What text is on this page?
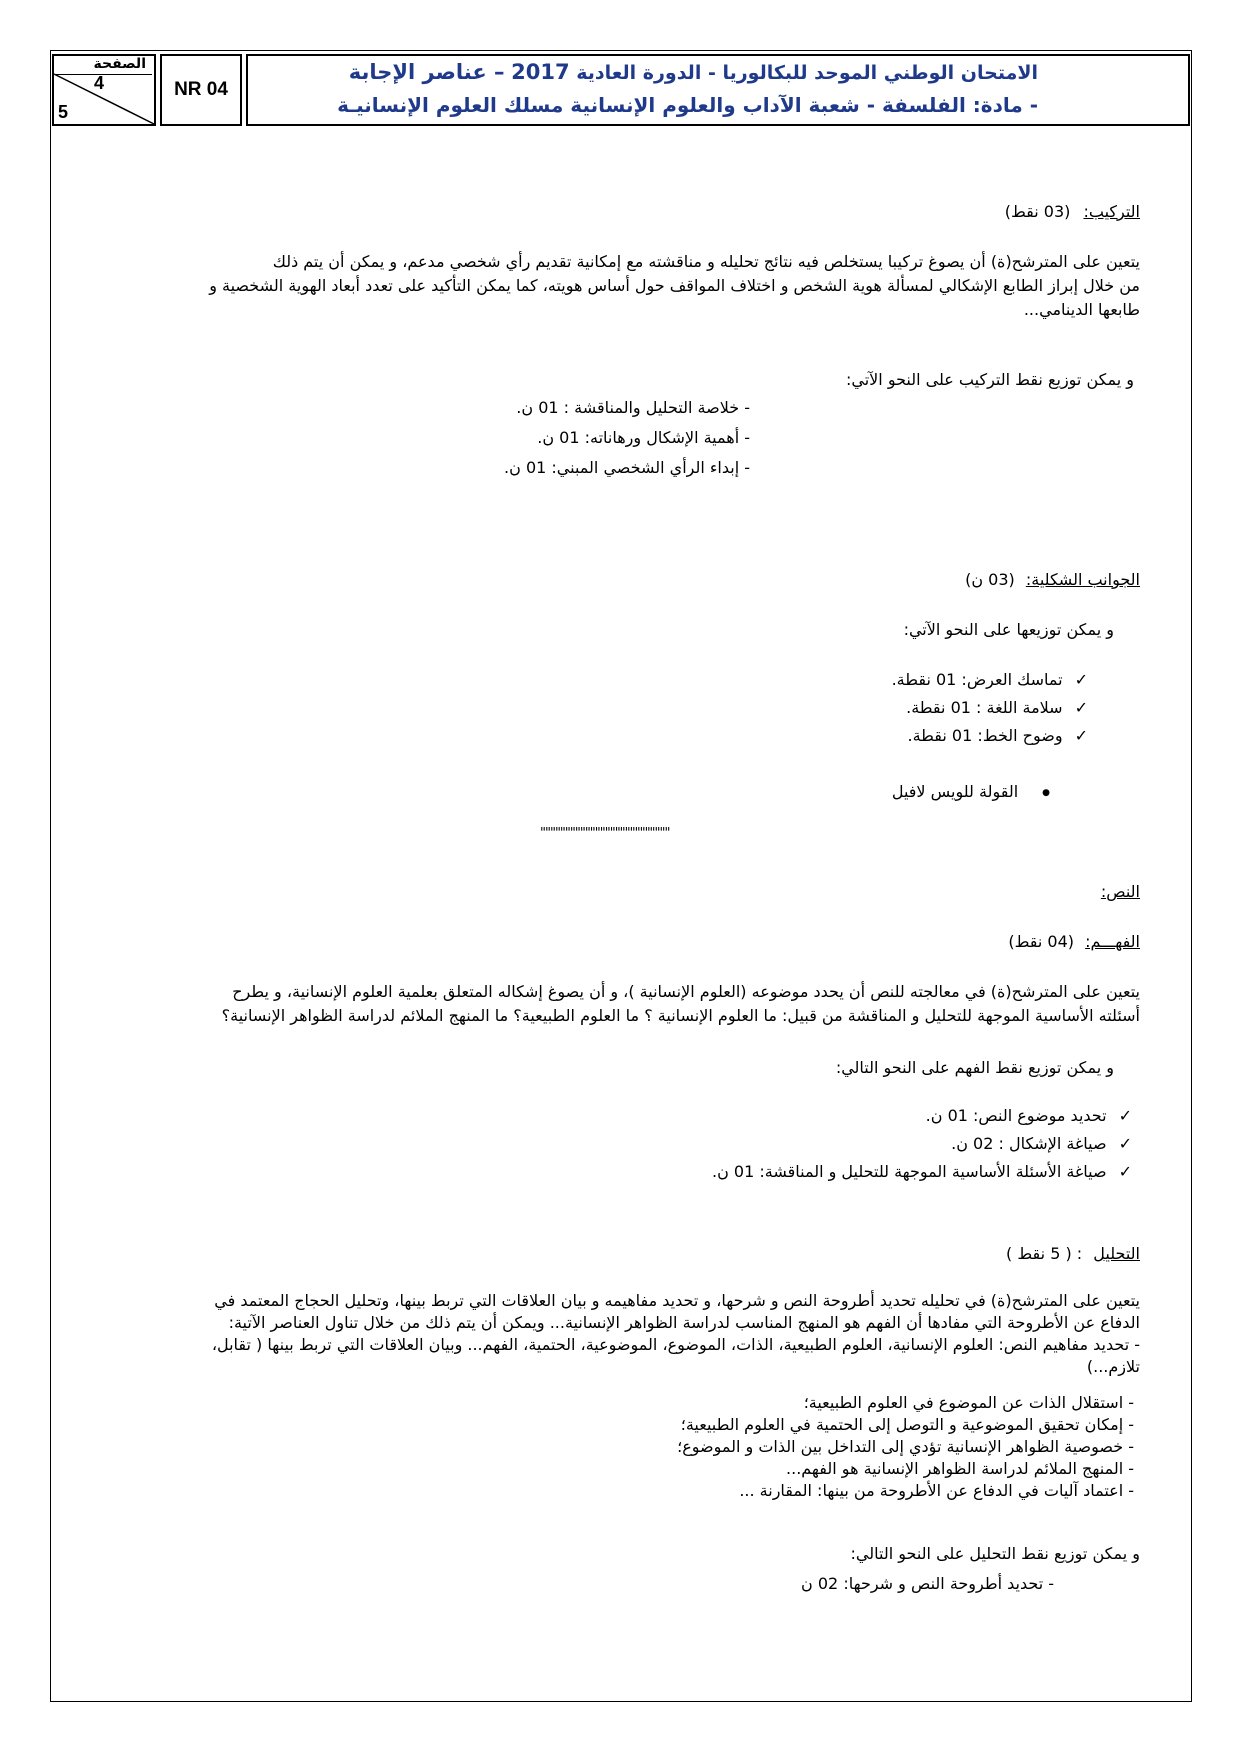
الصفحة
4
5
NR 04
الامتحان الوطني الموحد للبكالوريا - الدورة العادية 2017 – عناصر الإجابة
- مادة: الفلسفة - شعبة الآداب والعلوم الإنسانية مسلك العلوم الإنسانيـة
التركيب: (03 نقط)
يتعين على المترشح(ة) أن يصوغ تركيبا يستخلص فيه نتائج تحليله و مناقشته مع إمكانية تقديم رأي شخصي مدعم، و يمكن أن يتم ذلك
من خلال إبراز الطابع الإشكالي لمسألة هوية الشخص و اختلاف المواقف حول أساس هويته، كما يمكن التأكيد على تعدد أبعاد الهوية الشخصية و
طابعها الدينامي...
و يمكن توزيع نقط التركيب على النحو الآتي:
- خلاصة التحليل والمناقشة : 01 ن.
- أهمية الإشكال ورهاناته: 01 ن.
- إبداء الرأي الشخصي المبني: 01 ن.
الجوانب الشكلية: (03 ن)
و يمكن توزيعها على النحو الآتي:
✓ تماسك العرض: 01 نقطة.
✓ سلامة اللغة : 01 نقطة.
✓ وضوح الخط: 01 نقطة.
● القولة للويس لافيل
""""""""""""""""""""""""""
النص:
الفهـــم: (04 نقط)
يتعين على المترشح(ة) في معالجته للنص أن يحدد موضوعه (العلوم الإنسانية )، و أن يصوغ إشكاله المتعلق بعلمية العلوم الإنسانية، و يطرح
أسئلته الأساسية الموجهة للتحليل و المناقشة من قبيل: ما العلوم الإنسانية ؟ ما العلوم الطبيعية؟ ما المنهج الملائم لدراسة الظواهر الإنسانية؟
و يمكن توزيع نقط الفهم على النحو التالي:
✓ تحديد موضوع النص: 01 ن.
✓ صياغة الإشكال : 02 ن.
✓ صياغة الأسئلة الأساسية الموجهة للتحليل و المناقشة: 01 ن.
التحليل : ( 5 نقط )
يتعين على المترشح(ة) في تحليله تحديد أطروحة النص و شرحها، و تحديد مفاهيمه و بيان العلاقات التي تربط بينها، وتحليل الحجاج المعتمد في
الدفاع عن الأطروحة التي مفادها أن الفهم هو المنهج المناسب لدراسة الظواهر الإنسانية... ويمكن أن يتم ذلك من خلال تناول العناصر الآتية:
- تحديد مفاهيم النص: العلوم الإنسانية، العلوم الطبيعية، الذات، الموضوع، الموضوعية، الحتمية، الفهم... وبيان العلاقات التي تربط بينها ( تقابل،
تلازم...)
- استقلال الذات عن الموضوع في العلوم الطبيعية؛
- إمكان تحقيق الموضوعية و التوصل إلى الحتمية في العلوم الطبيعية؛
- خصوصية الظواهر الإنسانية تؤدي إلى التداخل بين الذات و الموضوع؛
- المنهج الملائم لدراسة الظواهر الإنسانية هو الفهم...
- اعتماد آليات في الدفاع عن الأطروحة من بينها: المقارنة ...
و يمكن توزيع نقط التحليل على النحو التالي:
- تحديد أطروحة النص و شرحها: 02 ن
